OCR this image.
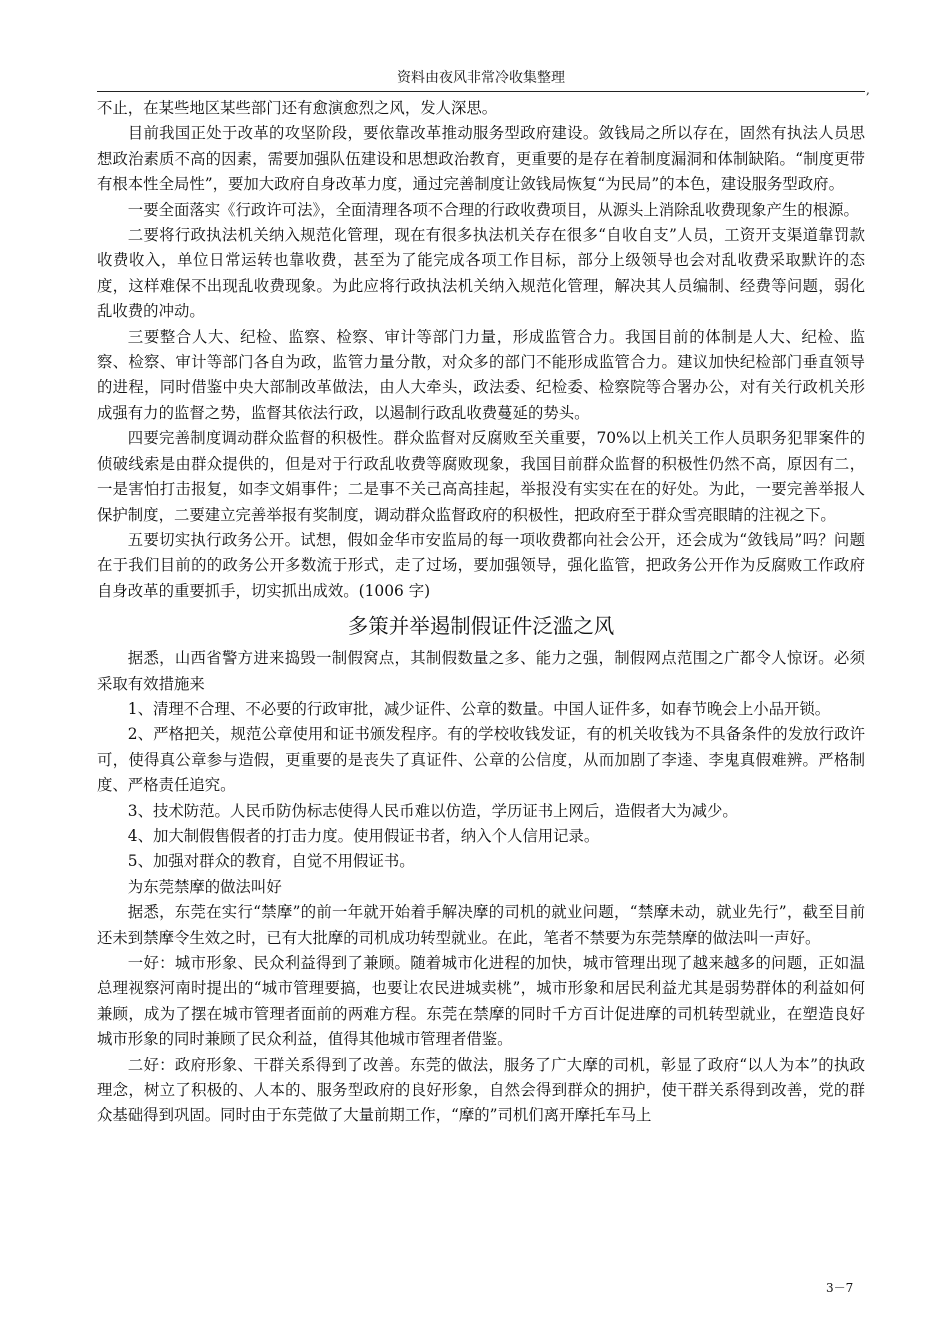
资料由夜风非常冷收集整理
,

不止，在某些地区某些部门还有愈演愈烈之风，发人深思。

目前我国正处于改革的攻坚阶段，要依靠改革推动服务型政府建设。敛钱局之所以存在，固然有执法人员思想政治素质不高的因素，需要加强队伍建设和思想政治教育，更重要的是存在着制度漏洞和体制缺陷。“制度更带有根本性全局性”，要加大政府自身改革力度，通过完善制度让敛钱局恢复“为民局”的本色，建设服务型政府。

一要全面落实《行政许可法》，全面清理各项不合理的行政收费项目，从源头上消除乱收费现象产生的根源。

二要将行政执法机关纳入规范化管理，现在有很多执法机关存在很多“自收自支”人员，工资开支渠道靠罚款收费收入，单位日常运转也靠收费，甚至为了能完成各项工作目标，部分上级领导也会对乱收费采取默许的态度，这样难保不出现乱收费现象。为此应将行政执法机关纳入规范化管理，解决其人员编制、经费等问题，弱化乱收费的冲动。

三要整合人大、纪检、监察、检察、审计等部门力量，形成监管合力。我国目前的体制是人大、纪检、监察、检察、审计等部门各自为政，监管力量分散，对众多的部门不能形成监管合力。建议加快纪检部门垂直领导的进程，同时借鉴中央大部制改革做法，由人大牵头，政法委、纪检委、检察院等合署办公，对有关行政机关形成强有力的监督之势，监督其依法行政，以遏制行政乱收费蔓延的势头。

四要完善制度调动群众监督的积极性。群众监督对反腐败至关重要，70%以上机关工作人员职务犯罪案件的侦破线索是由群众提供的，但是对于行政乱收费等腐败现象，我国目前群众监督的积极性仍然不高，原因有二，一是害怕打击报复，如李文娟事件；二是事不关己高高挂起，举报没有实实在在的好处。为此，一要完善举报人保护制度，二要建立完善举报有奖制度，调动群众监督政府的积极性，把政府至于群众雪亮眼睛的注视之下。

五要切实执行政务公开。试想，假如金华市安监局的每一项收费都向社会公开，还会成为“敛钱局”吗？问题在于我们目前的的政务公开多数流于形式，走了过场，要加强领导，强化监管，把政务公开作为反腐败工作政府自身改革的重要抓手，切实抓出成效。(1006 字)

多策并举遏制假证件泛滥之风

据悉，山西省警方进来捣毁一制假窝点，其制假数量之多、能力之强，制假网点范围之广都令人惊讶。必须采取有效措施来

1、清理不合理、不必要的行政审批，减少证件、公章的数量。中国人证件多，如春节晚会上小品开锁。

2、严格把关，规范公章使用和证书颁发程序。有的学校收钱发证，有的机关收钱为不具备条件的发放行政许可，使得真公章参与造假，更重要的是丧失了真证件、公章的公信度，从而加剧了李逵、李鬼真假难辨。严格制度、严格责任追究。

3、技术防范。人民币防伪标志使得人民币难以仿造，学历证书上网后，造假者大为减少。

4、加大制假售假者的打击力度。使用假证书者，纳入个人信用记录。

5、加强对群众的教育，自觉不用假证书。

为东莞禁摩的做法叫好

据悉，东莞在实行“禁摩”的前一年就开始着手解决摩的司机的就业问题，“禁摩未动，就业先行”，截至目前还未到禁摩令生效之时，已有大批摩的司机成功转型就业。在此，笔者不禁要为东莞禁摩的做法叫一声好。

一好：城市形象、民众利益得到了兼顾。随着城市化进程的加快，城市管理出现了越来越多的问题，正如温总理视察河南时提出的“城市管理要搞，也要让农民进城卖桃”，城市形象和居民利益尤其是弱势群体的利益如何兼顾，成为了摆在城市管理者面前的两难方程。东莞在禁摩的同时千方百计促进摩的司机转型就业，在塑造良好城市形象的同时兼顾了民众利益，值得其他城市管理者借鉴。

二好：政府形象、干群关系得到了改善。东莞的做法，服务了广大摩的司机，彰显了政府“以人为本”的执政理念，树立了积极的、人本的、服务型政府的良好形象，自然会得到群众的拥护，使干群关系得到改善，党的群众基础得到巩固。同时由于东莞做了大量前期工作，“摩的”司机们离开摩托车马上

3－7
